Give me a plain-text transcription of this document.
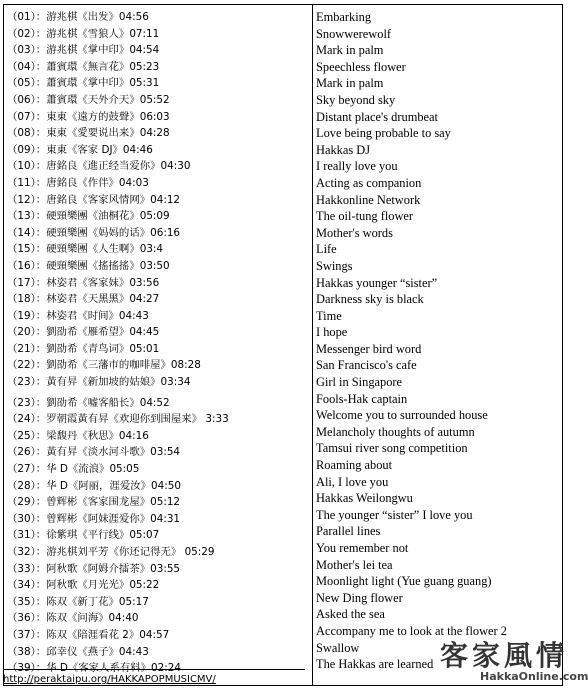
（01）：游兆棋《出发》04:56
（02）：游兆棋《雪狼人》07:11
（03）：游兆棋《掌中印》04:54
（04）：蕭賓環《無言花》05:23
（05）：蕭賓環《掌中印》05:31
（06）：蕭賓環《天外介天》05:52
（07）：東東《遠方的鼓聲》06:03
（08）：東東《愛要说出来》04:28
（09）：東東《客家 DJ》04:46
（10）：唐銘良《進正经当爱你》04:30
（11）：唐銘良《作伴》04:03
（12）：唐銘良《客家风情网》04:12
（13）：硬頸樂團《油桐花》05:09
（14）：硬頸樂團《妈妈的话》06:16
（15）：硬頸樂團《人生啊》03:4
（16）：硬頸樂團《搖搖搖》03:50
（17）：林姿君《客家妹》03:56
（18）：林姿君《天黑黑》04:27
（19）：林姿君《时间》04:43
（20）：劉劭希《雁希望》04:45
（21）：劉劭希《青鸟词》05:01
（22）：劉劭希《三藩市的咖啡屋》08:28
（23）：黃有昇《新加坡的姑娘》03:34
（23）：劉劭希《嘘客船长》04:52
（24）：罗朝霞黃有昇《欢迎你到围屋来》 3:33
（25）：梁馥丹《秋思》04:16
（26）：黃有昇《淡水河斗歌》03:54
（27）：华 D《流浪》05:05
（28）：华 D《阿丽，涯爱汝》04:50
（29）：曾辉彬《客家围龙屋》05:12
（30）：曾辉彬《阿妹涯爱你》04:31
（31）：徐紫琪《平行线》05:07
（32）：游兆棋刘平芳《你还记得无》 05:29
（33）：阿秋歌《阿姆介擂茶》03:55
（34）：阿秋歌《月光光》05:22
（35）：陈双《新丁花》05:17
（36）：陈双《问海》04:40
（37）：陈双《陪涯看花 2》04:57
（38）：邱幸仪《燕子》04:43
（39）：华 D《客家人系有料》02:24
Embarking
Snowwerewolf
Mark in palm
Speechless flower
Mark in palm
Sky beyond sky
Distant place's drumbeat
Love being probable to say
Hakkas DJ
I really love you
Acting as companion
Hakkonline Network
The oil-tung flower
Mother's words
Life
Swings
Hakkas younger “sister”
Darkness sky is black
Time
I hope
Messenger bird word
San Francisco's cafe
Girl in Singapore
Fools-Hak captain
Welcome you to surrounded house
Melancholy thoughts of autumn
Tamsui river song competition
Roaming about
Ali, I love you
Hakkas Weilongwu
The younger “sister” I love you
Parallel lines
You remember not
Mother's lei tea
Moonlight light (Yue guang guang)
New Ding flower
Asked the sea
Accompany me to look at the flower 2
Swallow
The Hakkas are learned
http://peraktaipu.org/HAKKAPOPMUSICMV/
客家風情
HakkaOnline.com
